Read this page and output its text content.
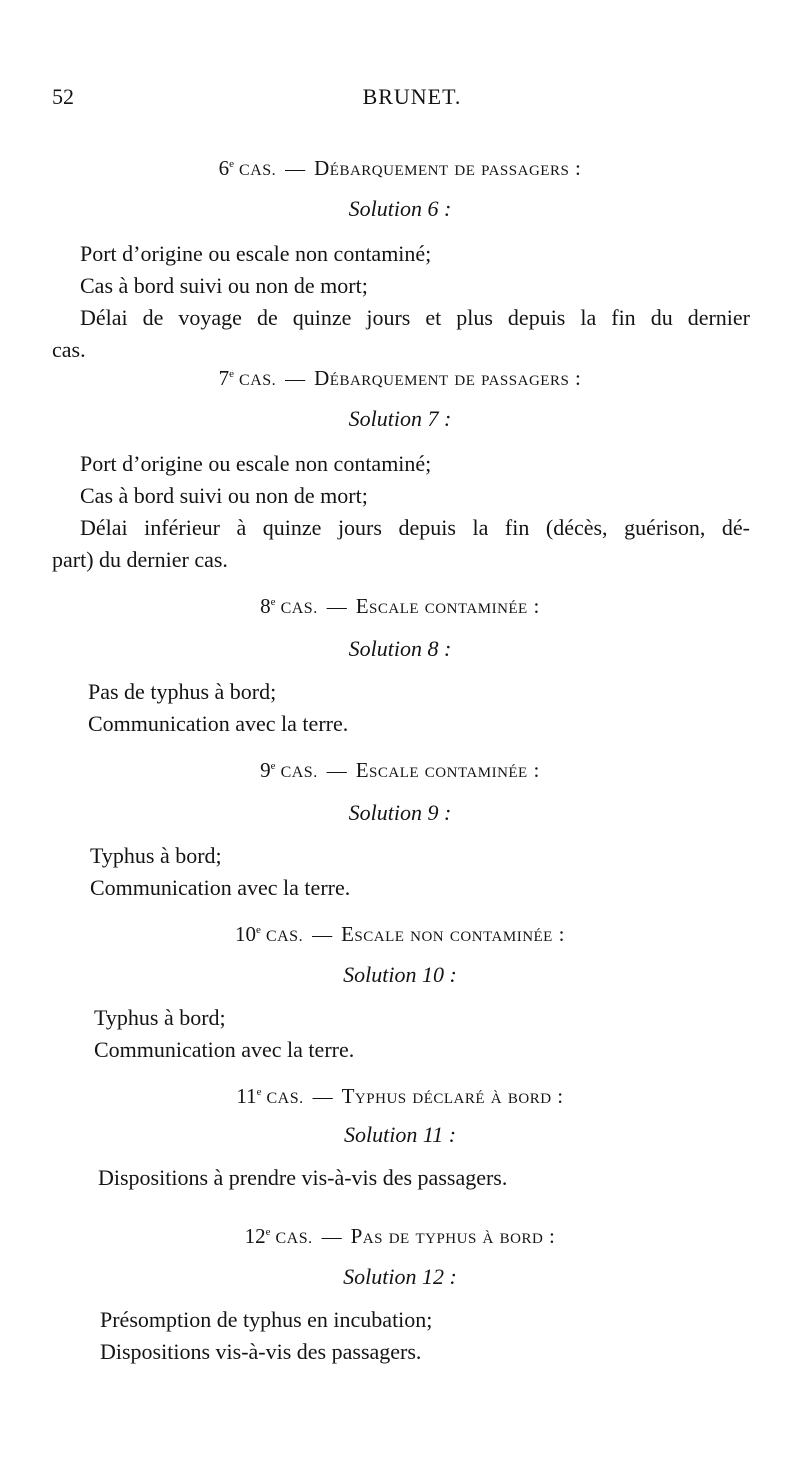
52	BRUNET.
6e CAS. — Débarquement de passagers :
Solution 6 :
Port d’origine ou escale non contaminé;
Cas à bord suivi ou non de mort;
Délai de voyage de quinze jours et plus depuis la fin du dernier
cas.
7e CAS. — Débarquement de passagers :
Solution 7 :
Port d’origine ou escale non contaminé;
Cas à bord suivi ou non de mort;
Délai inférieur à quinze jours depuis la fin (décès, guérison, dé-
part) du dernier cas.
8e CAS. — Escale contaminée :
Solution 8 :
Pas de typhus à bord;
Communication avec la terre.
9e CAS. — Escale contaminée :
Solution 9 :
Typhus à bord;
Communication avec la terre.
10e CAS. — Escale non contaminée :
Solution 10 :
Typhus à bord;
Communication avec la terre.
11e CAS. — Typhus déclaré à bord :
Solution 11 :
Dispositions à prendre vis-à-vis des passagers.
12e CAS. — Pas de typhus à bord :
Solution 12 :
Présomption de typhus en incubation;
Dispositions vis-à-vis des passagers.
